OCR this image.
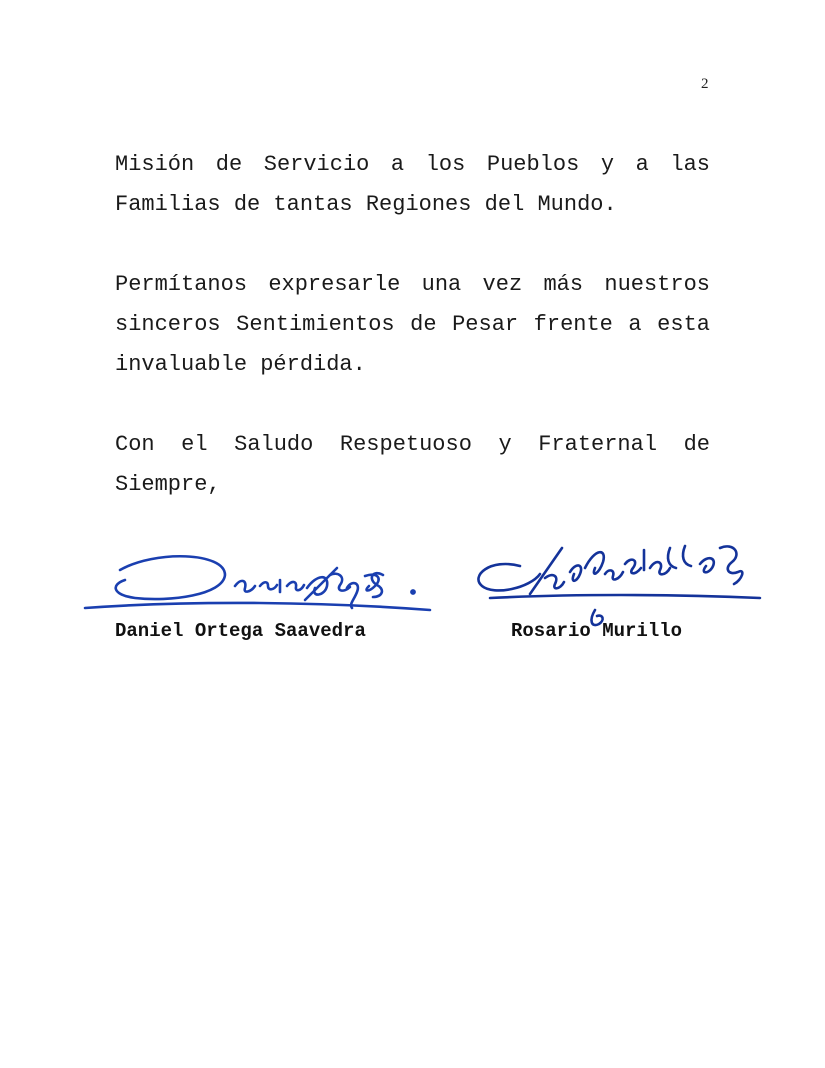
2
Misión de Servicio a los Pueblos y a las Familias de tantas Regiones del Mundo.
Permítanos expresarle una vez más nuestros sinceros Sentimientos de Pesar frente a esta invaluable pérdida.
Con el Saludo Respetuoso y Fraternal de Siempre,
Daniel Ortega Saavedra	Rosario Murillo
